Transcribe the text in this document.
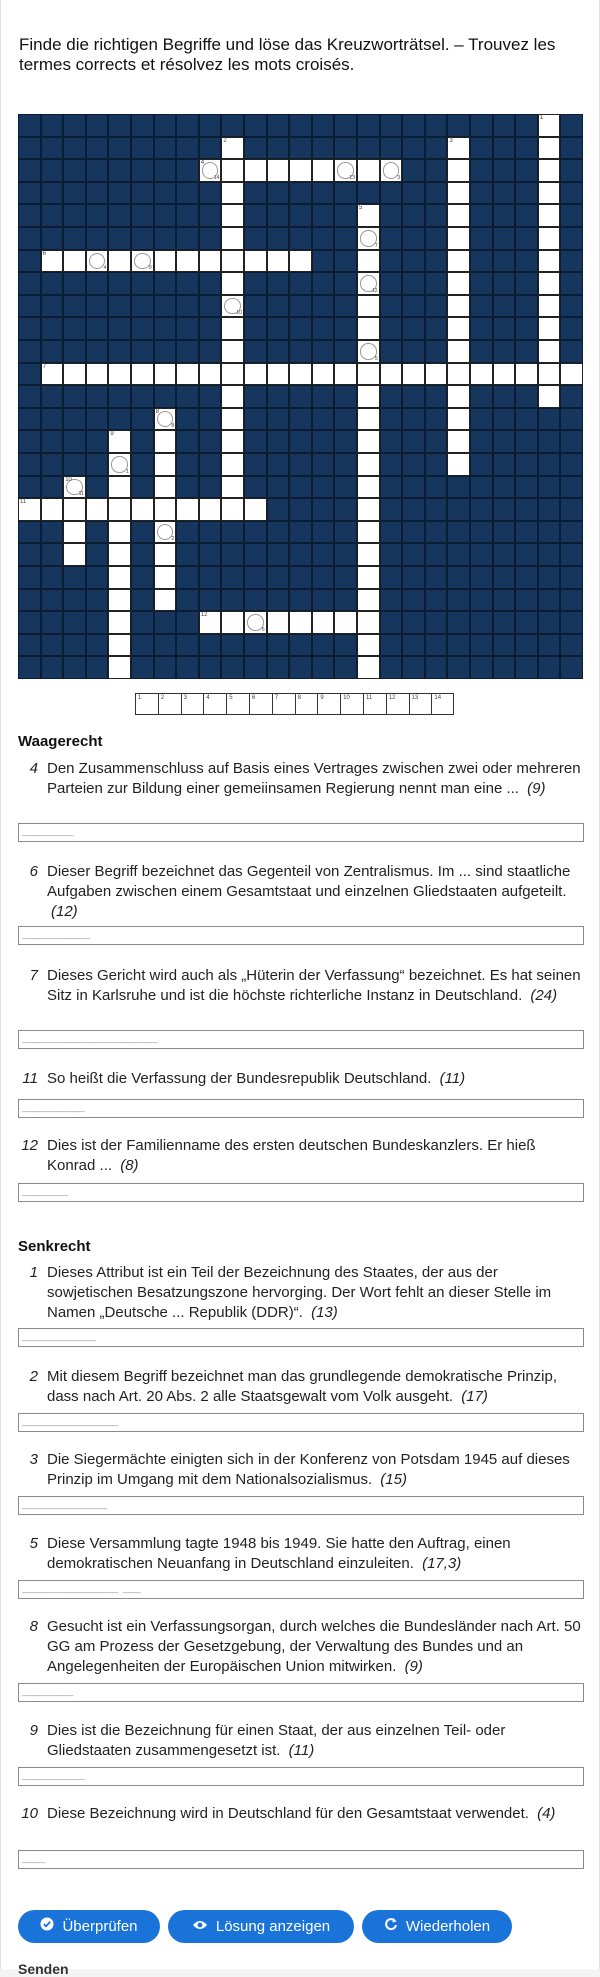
Finde die richtigen Begriffe und löse das Kreuzworträtsel. – Trouvez les termes corrects et résolvez les mots croisés.

1
2	3
14
4
13	3
5
7
6
4	9
12
10
5
7
8
8
9
1
11
10
11
2
12
6
1	2	3	4	5	6	7	8	9	10	11	12	13	14
Waagerecht
4 Den Zusammenschluss auf Basis eines Vertrages zwischen zwei oder mehreren Parteien zur Bildung einer gemeiinsamen Regierung nennt man eine ... (9)
_________
6 Dieser Begriff bezeichnet das Gegenteil von Zentralismus. Im ... sind staatliche Aufgaben zwischen einem Gesamtstaat und einzelnen Gliedstaaten aufgeteilt. (12)
____________
7 Dieses Gericht wird auch als „Hüterin der Verfassung“ bezeichnet. Es hat seinen Sitz in Karlsruhe und ist die höchste richterliche Instanz in Deutschland. (24)
________________________
11 So heißt die Verfassung der Bundesrepublik Deutschland. (11)
___________
12 Dies ist der Familienname des ersten deutschen Bundeskanzlers. Er hieß Konrad ... (8)
________
Senkrecht
1 Dieses Attribut ist ein Teil der Bezeichnung des Staates, der aus der sowjetischen Besatzungszone hervorging. Der Wort fehlt an dieser Stelle im Namen „Deutsche ... Republik (DDR)“. (13)
_____________
2 Mit diesem Begriff bezeichnet man das grundlegende demokratische Prinzip, dass nach Art. 20 Abs. 2 alle Staatsgewalt vom Volk ausgeht. (17)
_________________
3 Die Siegermächte einigten sich in der Konferenz von Potsdam 1945 auf dieses Prinzip im Umgang mit dem Nationalsozialismus. (15)
_______________
5 Diese Versammlung tagte 1948 bis 1949. Sie hatte den Auftrag, einen demokratischen Neuanfang in Deutschland einzuleiten. (17,3)
_________________ ___
8 Gesucht ist ein Verfassungsorgan, durch welches die Bundesländer nach Art. 50 GG am Prozess der Gesetzgebung, der Verwaltung des Bundes und an Angelegenheiten der Europäischen Union mitwirken. (9)
_________
9 Dies ist die Bezeichnung für einen Staat, der aus einzelnen Teil- oder Gliedstaaten zusammengesetzt ist. (11)
___________
10 Diese Bezeichnung wird in Deutschland für den Gesamtstaat verwendet. (4)
____
Überprüfen	Lösung anzeigen	Wiederholen
Senden
